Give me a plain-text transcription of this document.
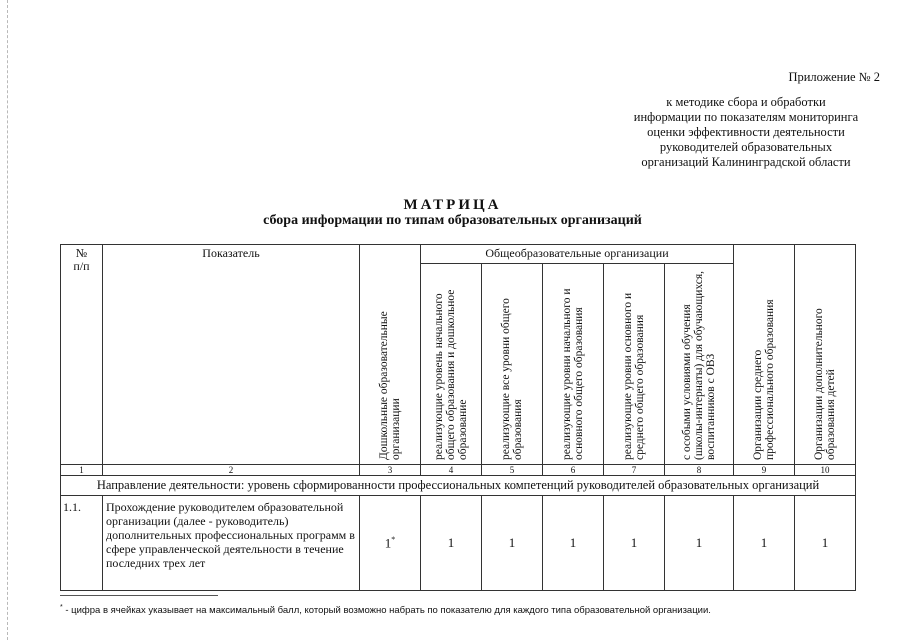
Приложение № 2
к методике сбора и обработки
информации по показателям мониторинга
оценки эффективности деятельности
руководителей образовательных
организаций Калининградской области
МАТРИЦА
сбора информации по типам образовательных организаций
№
п/п	Показатель	Дошкольные образовательные организации	Общеобразовательные организации					Организации среднего профессионального образования	Организации дополнительного образования детей

			реализующие уровень начального общего образования и дошкольное образование	реализующие все уровни общего образования	реализующие уровни начального и основного общего образования	реализующие уровни основного и среднего общего образования	с особыми условиями обучения (школы-интернаты) для обучающихся, воспитанников с ОВЗ		

1	2	3	4	5	6	7	8	9	10
Направление деятельности: уровень сформированности профессиональных компетенций руководителей образовательных организаций									
1.1.	Прохождение руководителем образовательной организации (далее - руководитель) дополнительных профессиональных программ в сфере управленческой деятельности в течение последних трех лет	1*	1	1	1	1	1	1	1
* - цифра в ячейках указывает на максимальный балл, который возможно набрать по показателю для каждого типа образовательной организации.
